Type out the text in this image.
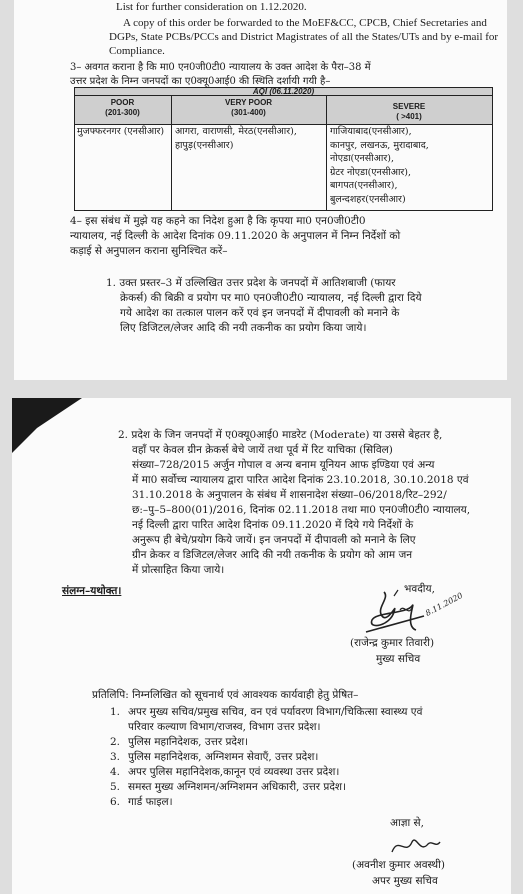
List for further consideration on 1.12.2020.

A copy of this order be forwarded to the MoEF&CC, CPCB, Chief Secretaries and DGPs, State PCBs/PCCs and District Magistrates of all the States/UTs and by e-mail for Compliance.

3– अवगत कराना है कि मा0 एन0जी0टी0 न्यायालय के उक्त आदेश के पैरा–38 में

उत्तर प्रदेश के निम्न जनपदों का ए0क्यू0आई0 की स्थिति दर्शायी गयी है–

AQI (06.11.2020)
POOR
(201-300)
VERY POOR
(301-400)
SEVERE
( >401)
मुजफ्फरनगर (एनसीआर)	आगरा, वाराणसी, मेरठ(एनसीआर),
हापुड़(एनसीआर)
गाजियाबाद(एनसीआर),
कानपुर, लखनऊ, मुरादाबाद,
नोएडा(एनसीआर),
ग्रेटर नोएडा(एनसीआर),
बागपत(एनसीआर),
बुलन्दशहर(एनसीआर)
4– इस संबंध में मुझे यह कहने का निदेश हुआ है कि कृपया मा0 एन0जी0टी0
न्यायालय, नई दिल्ली के आदेश दिनांक 09.11.2020 के अनुपालन में निम्न निर्देशों को
कड़ाई से अनुपालन कराना सुनिश्चित करें–
1. उक्त प्रस्तर–3 में उल्लिखित उत्तर प्रदेश के जनपदों में आतिशबाजी (फायर
क्रेकर्स) की बिक्री व प्रयोग पर मा0 एन0जी0टी0 न्यायालय, नई दिल्ली द्वारा दिये
गये आदेश का तत्काल पालन करें एवं इन जनपदों में दीपावली को मनाने के
लिए डिजिटल/लेजर आदि की नयी तकनीक का प्रयोग किया जाये।
2. प्रदेश के जिन जनपदों में ए0क्यू0आई0 माडरेट (Moderate) या उससे बेहतर है,
वहाँ पर केवल ग्रीन क्रेकर्स बेचे जायें तथा पूर्व में रिट याचिका (सिविल)
संख्या–728/2015 अर्जुन गोपाल व अन्य बनाम यूनियन आफ इण्डिया एवं अन्य
में मा0 सर्वोच्च न्यायालय द्वारा पारित आदेश दिनांक 23.10.2018, 30.10.2018 एवं
31.10.2018 के अनुपालन के संबंध में शासनादेश संख्या–06/2018/रिट–292/
छ:–पु–5–800(01)/2016, दिनांक 02.11.2018 तथा मा0 एन0जी0टी0 न्यायालय,
नई दिल्ली द्वारा पारित आदेश दिनांक 09.11.2020 में दिये गये निर्देशों के
अनुरूप ही बेचे/प्रयोग किये जायें। इन जनपदों में दीपावली को मनाने के लिए
ग्रीन क्रेकर व डिजिटल/लेजर आदि की नयी तकनीक के प्रयोग को आम जन
में प्रोत्साहित किया जाये।

संलग्न–यथोक्त।	भवदीय,
8.11.2020
(राजेन्द्र कुमार तिवारी)
मुख्य सचिव

प्रतिलिपि: निम्नलिखित को सूचनार्थ एवं आवश्यक कार्यवाही हेतु प्रेषित–

1. अपर मुख्य सचिव/प्रमुख सचिव, वन एवं पर्यावरण विभाग/चिकित्सा स्वास्थ्य एवं
परिवार कल्याण विभाग/राजस्व, विभाग उत्तर प्रदेश।
2. पुलिस महानिदेशक, उत्तर प्रदेश।
3. पुलिस महानिदेशक, अग्निशमन सेवाएँ, उत्तर प्रदेश।
4. अपर पुलिस महानिदेशक,कानून एवं व्यवस्था उत्तर प्रदेश।
5. समस्त मुख्य अग्निशमन/अग्निशमन अधिकारी, उत्तर प्रदेश।
6. गार्ड फाइल।

आज्ञा से,

(अवनीश कुमार अवस्थी)

अपर मुख्य सचिव
